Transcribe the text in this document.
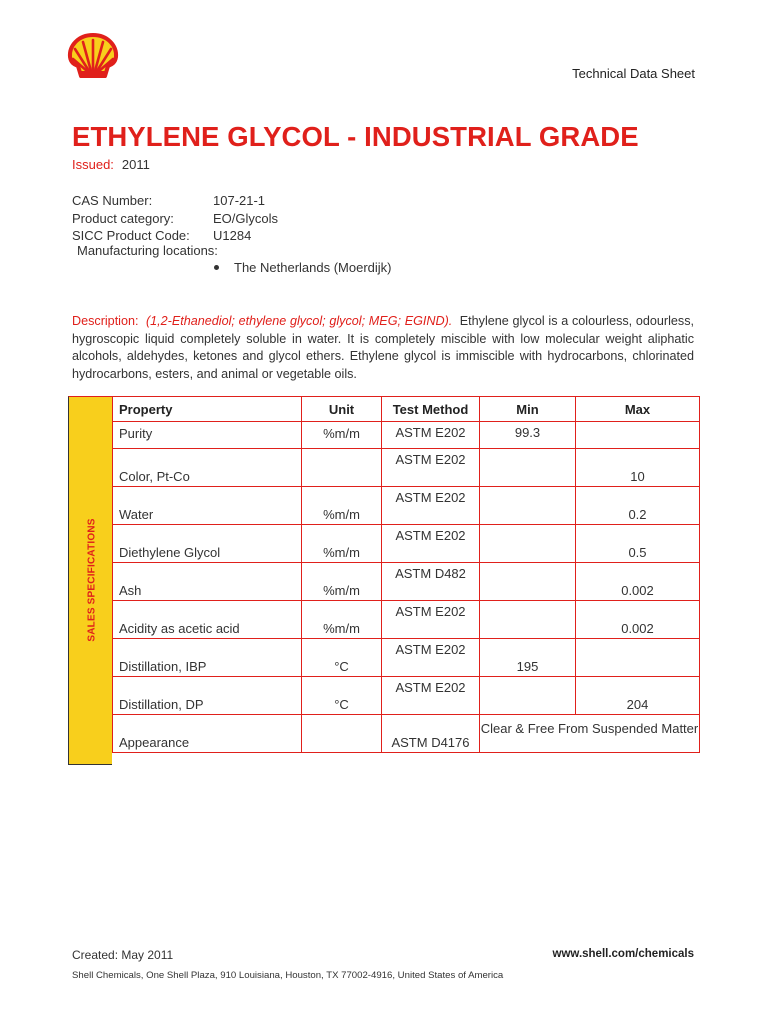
Technical Data Sheet
ETHYLENE GLYCOL - INDUSTRIAL GRADE
Issued: 2011
CAS Number:	107-21-1
Product category:	EO/Glycols
SICC Product Code:	U1284
Manufacturing locations:
The Netherlands (Moerdijk)
Description: (1,2-Ethanediol; ethylene glycol; glycol; MEG; EGIND). Ethylene glycol is a colourless, odourless, hygroscopic liquid completely soluble in water. It is completely miscible with low molecular weight aliphatic alcohols, aldehydes, ketones and glycol ethers. Ethylene glycol is immiscible with hydrocarbons, chlorinated hydrocarbons, esters, and animal or vegetable oils.
SALES SPECIFICATIONS
Property	Unit	Test Method	Min	Max

Purity	%m/m	ASTM E202	99.3	

Color, Pt-Co		ASTM E202		10

Water	%m/m	ASTM E202		0.2

Diethylene Glycol	%m/m	ASTM E202		0.5

Ash	%m/m	ASTM D482		0.002

Acidity as acetic acid	%m/m	ASTM E202		0.002

Distillation, IBP	°C	ASTM E202	195	

Distillation, DP	°C	ASTM E202		204

Appearance		ASTM D4176	Clear & Free From Suspended Matter	
Created: May 2011	www.shell.com/chemicals
Shell Chemicals, One Shell Plaza, 910 Louisiana, Houston, TX 77002-4916, United States of America
